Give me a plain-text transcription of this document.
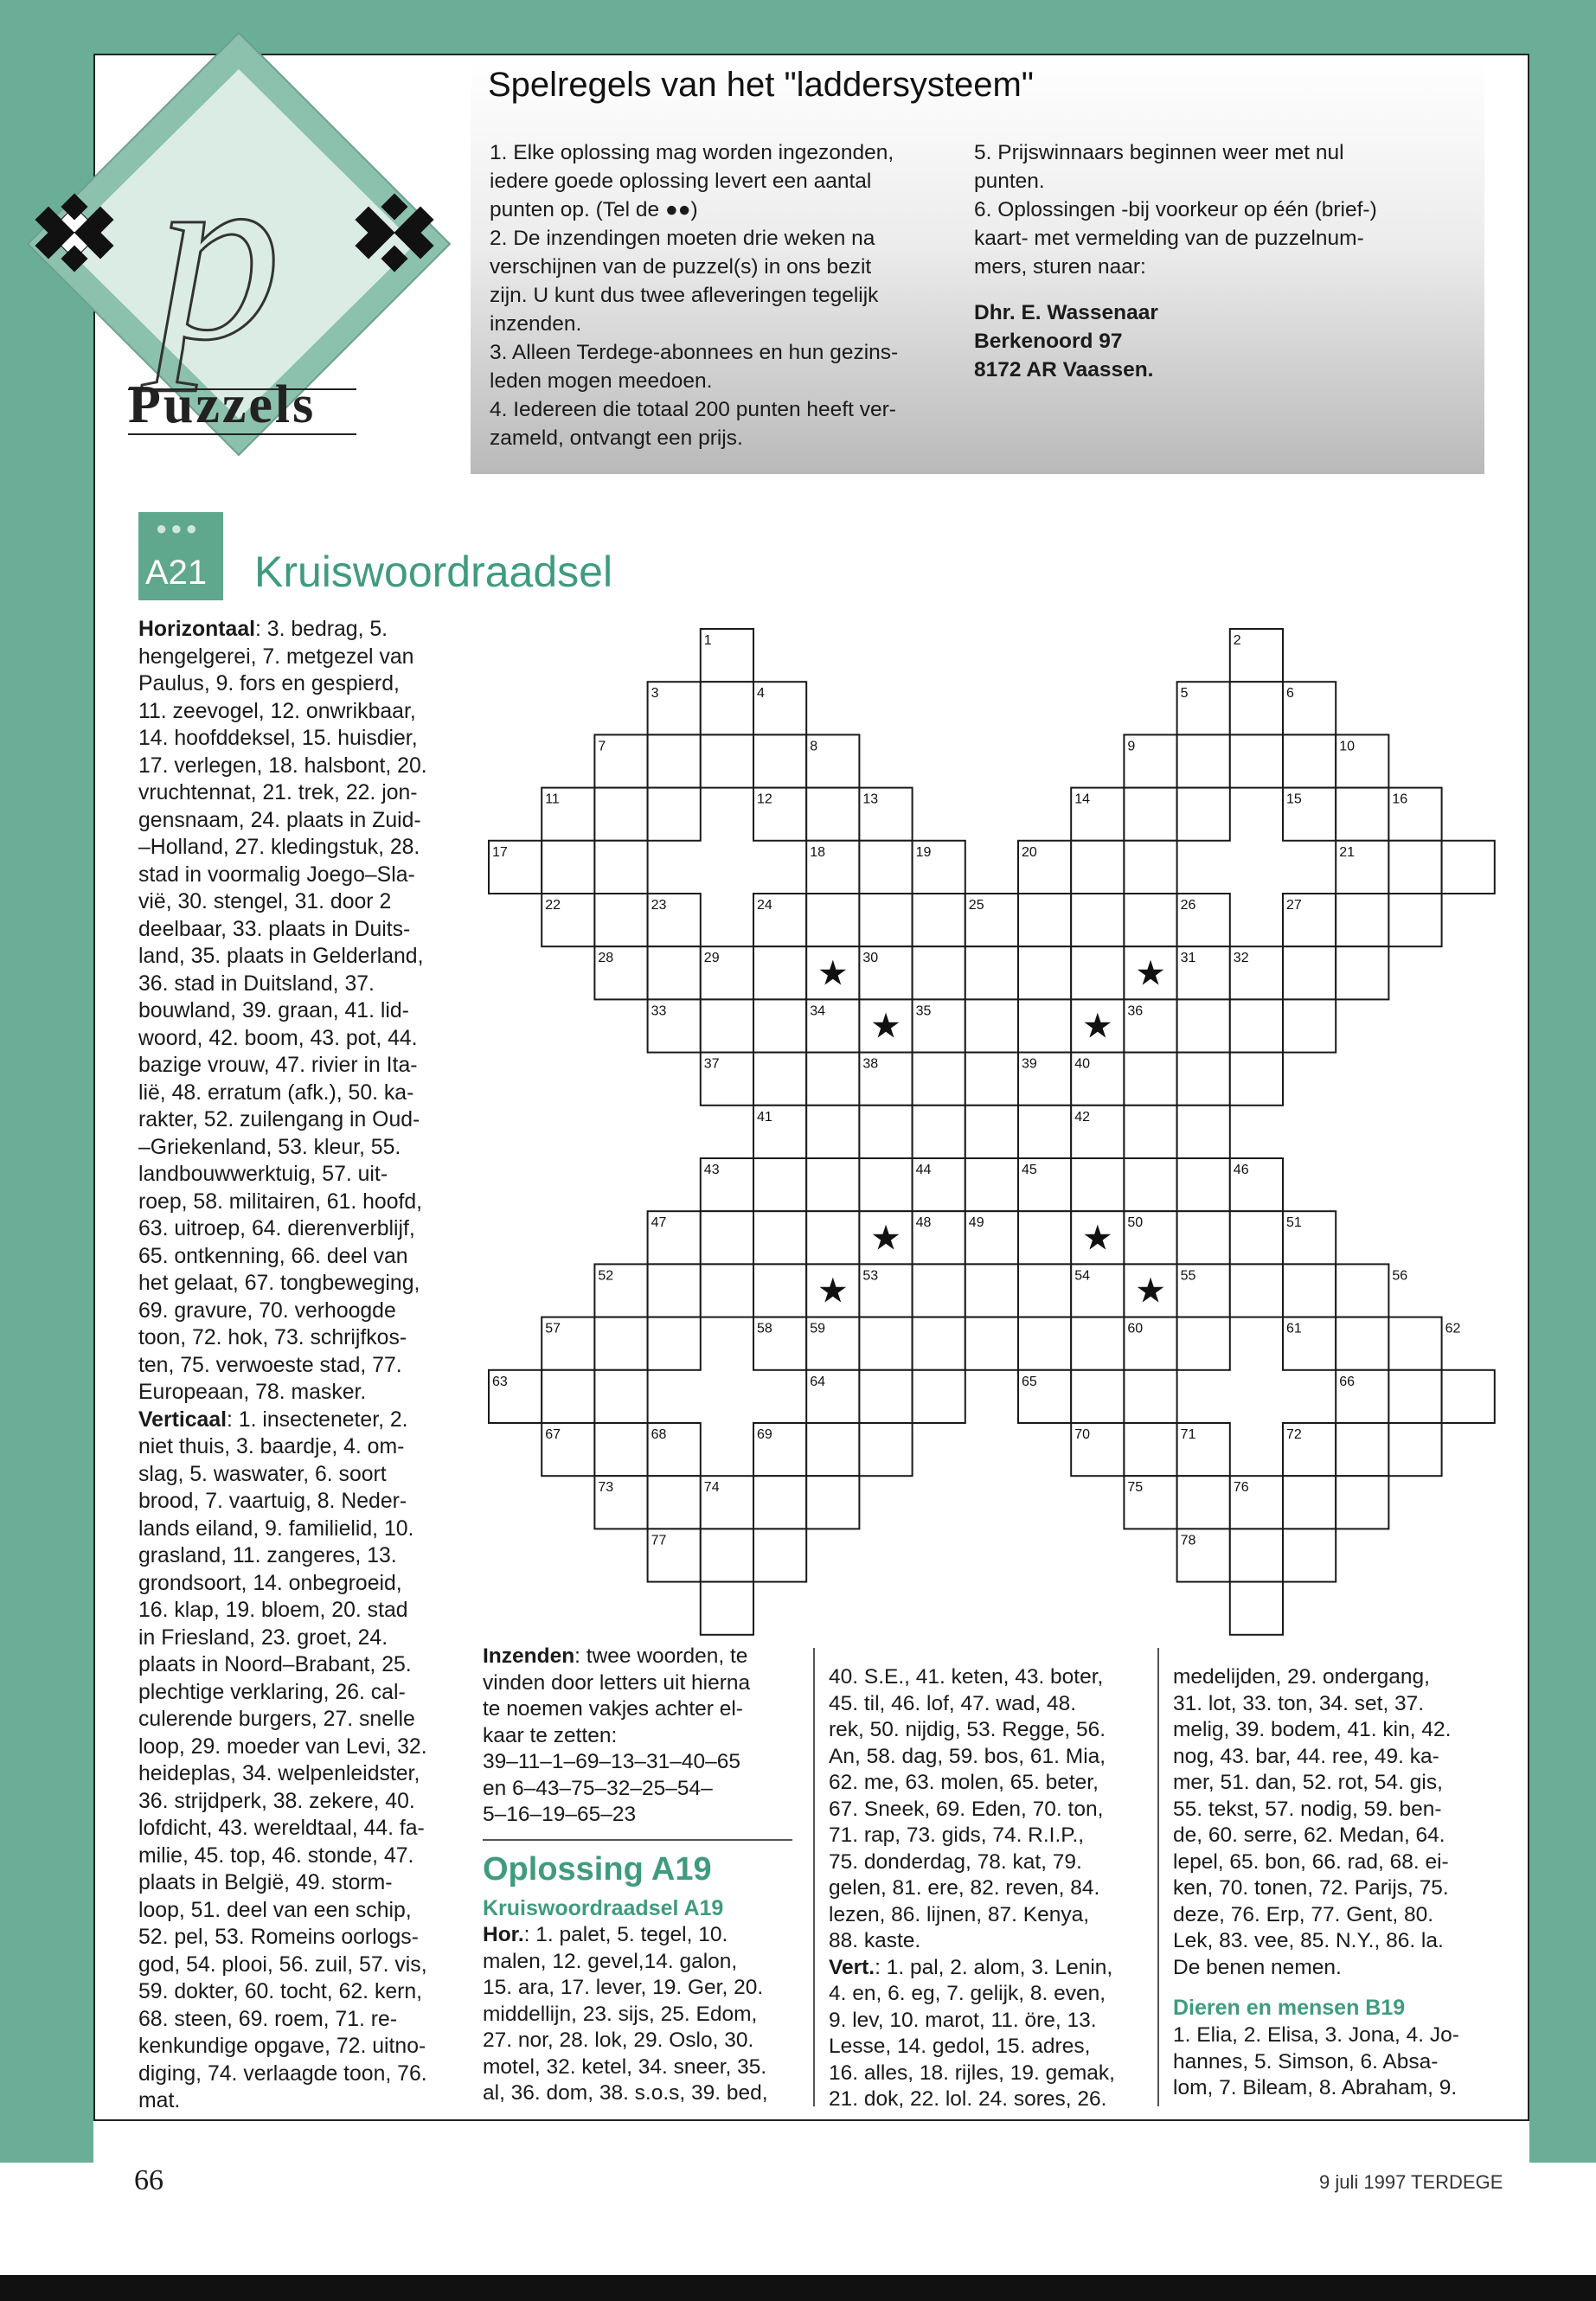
Spelregels van het "laddersysteem"
1. Elke oplossing mag worden ingezonden,
iedere goede oplossing levert een aantal
punten op. (Tel de ●●)
2. De inzendingen moeten drie weken na
verschijnen van de puzzel(s) in ons bezit
zijn. U kunt dus twee afleveringen tegelijk
inzenden.
3. Alleen Terdege-abonnees en hun gezins-
leden mogen meedoen.
4. Iedereen die totaal 200 punten heeft ver-
zameld, ontvangt een prijs.
5. Prijswinnaars beginnen weer met nul
punten.
6. Oplossingen -bij voorkeur op één (brief-)
kaart- met vermelding van de puzzelnum-
mers, sturen naar:
Dhr. E. Wassenaar
Berkenoord 97
8172 AR Vaassen.
p
Puzzels
●●●
A21 Kruiswoordraadsel
Horizontaal: 3. bedrag, 5.
hengelgerei, 7. metgezel van
Paulus, 9. fors en gespierd,
11. zeevogel, 12. onwrikbaar,
14. hoofddeksel, 15. huisdier,
17. verlegen, 18. halsbont, 20.
vruchtennat, 21. trek, 22. jon-
gensnaam, 24. plaats in Zuid-
–Holland, 27. kledingstuk, 28.
stad in voormalig Joego–Sla-
vië, 30. stengel, 31. door 2
deelbaar, 33. plaats in Duits-
land, 35. plaats in Gelderland,
36. stad in Duitsland, 37.
bouwland, 39. graan, 41. lid-
woord, 42. boom, 43. pot, 44.
bazige vrouw, 47. rivier in Ita-
lië, 48. erratum (afk.), 50. ka-
rakter, 52. zuilengang in Oud-
–Griekenland, 53. kleur, 55.
landbouwwerktuig, 57. uit-
roep, 58. militairen, 61. hoofd,
63. uitroep, 64. dierenverblijf,
65. ontkenning, 66. deel van
het gelaat, 67. tongbeweging,
69. gravure, 70. verhoogde
toon, 72. hok, 73. schrijfkos-
ten, 75. verwoeste stad, 77.
Europeaan, 78. masker.
Verticaal: 1. insecteneter, 2.
niet thuis, 3. baardje, 4. om-
slag, 5. waswater, 6. soort
brood, 7. vaartuig, 8. Neder-
lands eiland, 9. familielid, 10.
grasland, 11. zangeres, 13.
grondsoort, 14. onbegroeid,
16. klap, 19. bloem, 20. stad
in Friesland, 23. groet, 24.
plaats in Noord–Brabant, 25.
plechtige verklaring, 26. cal-
culerende burgers, 27. snelle
loop, 29. moeder van Levi, 32.
heideplas, 34. welpenleidster,
36. strijdperk, 38. zekere, 40.
lofdicht, 43. wereldtaal, 44. fa-
milie, 45. top, 46. stonde, 47.
plaats in België, 49. storm-
loop, 51. deel van een schip,
52. pel, 53. Romeins oorlogs-
god, 54. plooi, 56. zuil, 57. vis,
59. dokter, 60. tocht, 62. kern,
68. steen, 69. roem, 71. re-
kenkundige opgave, 72. uitno-
diging, 74. verlaagde toon, 76.
mat.
1	2
3	4	5	6
7	8	9	10
11	12	13	14	15	16
17	18	19	20	21
22	23	24	25	26	27
28	29	30	31	32
33	34	35	36
37	38	39	40
41	42
43	44	45	46
47	48	49	50	51
52	53	54	55	56
57	58	59	60	61	62
63	64	65	66
67	68	69	70	71	72
73	74	75	76
77	78
★
★
★
★
★
★
★
★
Inzenden: twee woorden, te
vinden door letters uit hierna
te noemen vakjes achter el-
kaar te zetten:
39–11–1–69–13–31–40–65
en 6–43–75–32–25–54–
5–16–19–65–23
Oplossing A19
Kruiswoordraadsel A19
Hor.: 1. palet, 5. tegel, 10.
malen, 12. gevel,14. galon,
15. ara, 17. lever, 19. Ger, 20.
middellijn, 23. sijs, 25. Edom,
27. nor, 28. lok, 29. Oslo, 30.
motel, 32. ketel, 34. sneer, 35.
al, 36. dom, 38. s.o.s, 39. bed,
40. S.E., 41. keten, 43. boter,
45. til, 46. lof, 47. wad, 48.
rek, 50. nijdig, 53. Regge, 56.
An, 58. dag, 59. bos, 61. Mia,
62. me, 63. molen, 65. beter,
67. Sneek, 69. Eden, 70. ton,
71. rap, 73. gids, 74. R.I.P.,
75. donderdag, 78. kat, 79.
gelen, 81. ere, 82. reven, 84.
lezen, 86. lijnen, 87. Kenya,
88. kaste.
Vert.: 1. pal, 2. alom, 3. Lenin,
4. en, 6. eg, 7. gelijk, 8. even,
9. lev, 10. marot, 11. öre, 13.
Lesse, 14. gedol, 15. adres,
16. alles, 18. rijles, 19. gemak,
21. dok, 22. lol. 24. sores, 26.
medelijden, 29. ondergang,
31. lot, 33. ton, 34. set, 37.
melig, 39. bodem, 41. kin, 42.
nog, 43. bar, 44. ree, 49. ka-
mer, 51. dan, 52. rot, 54. gis,
55. tekst, 57. nodig, 59. ben-
de, 60. serre, 62. Medan, 64.
lepel, 65. bon, 66. rad, 68. ei-
ken, 70. tonen, 72. Parijs, 75.
deze, 76. Erp, 77. Gent, 80.
Lek, 83. vee, 85. N.Y., 86. la.
De benen nemen.
Dieren en mensen B19
1. Elia, 2. Elisa, 3. Jona, 4. Jo-
hannes, 5. Simson, 6. Absa-
lom, 7. Bileam, 8. Abraham, 9.
66	9 juli 1997 TERDEGE
